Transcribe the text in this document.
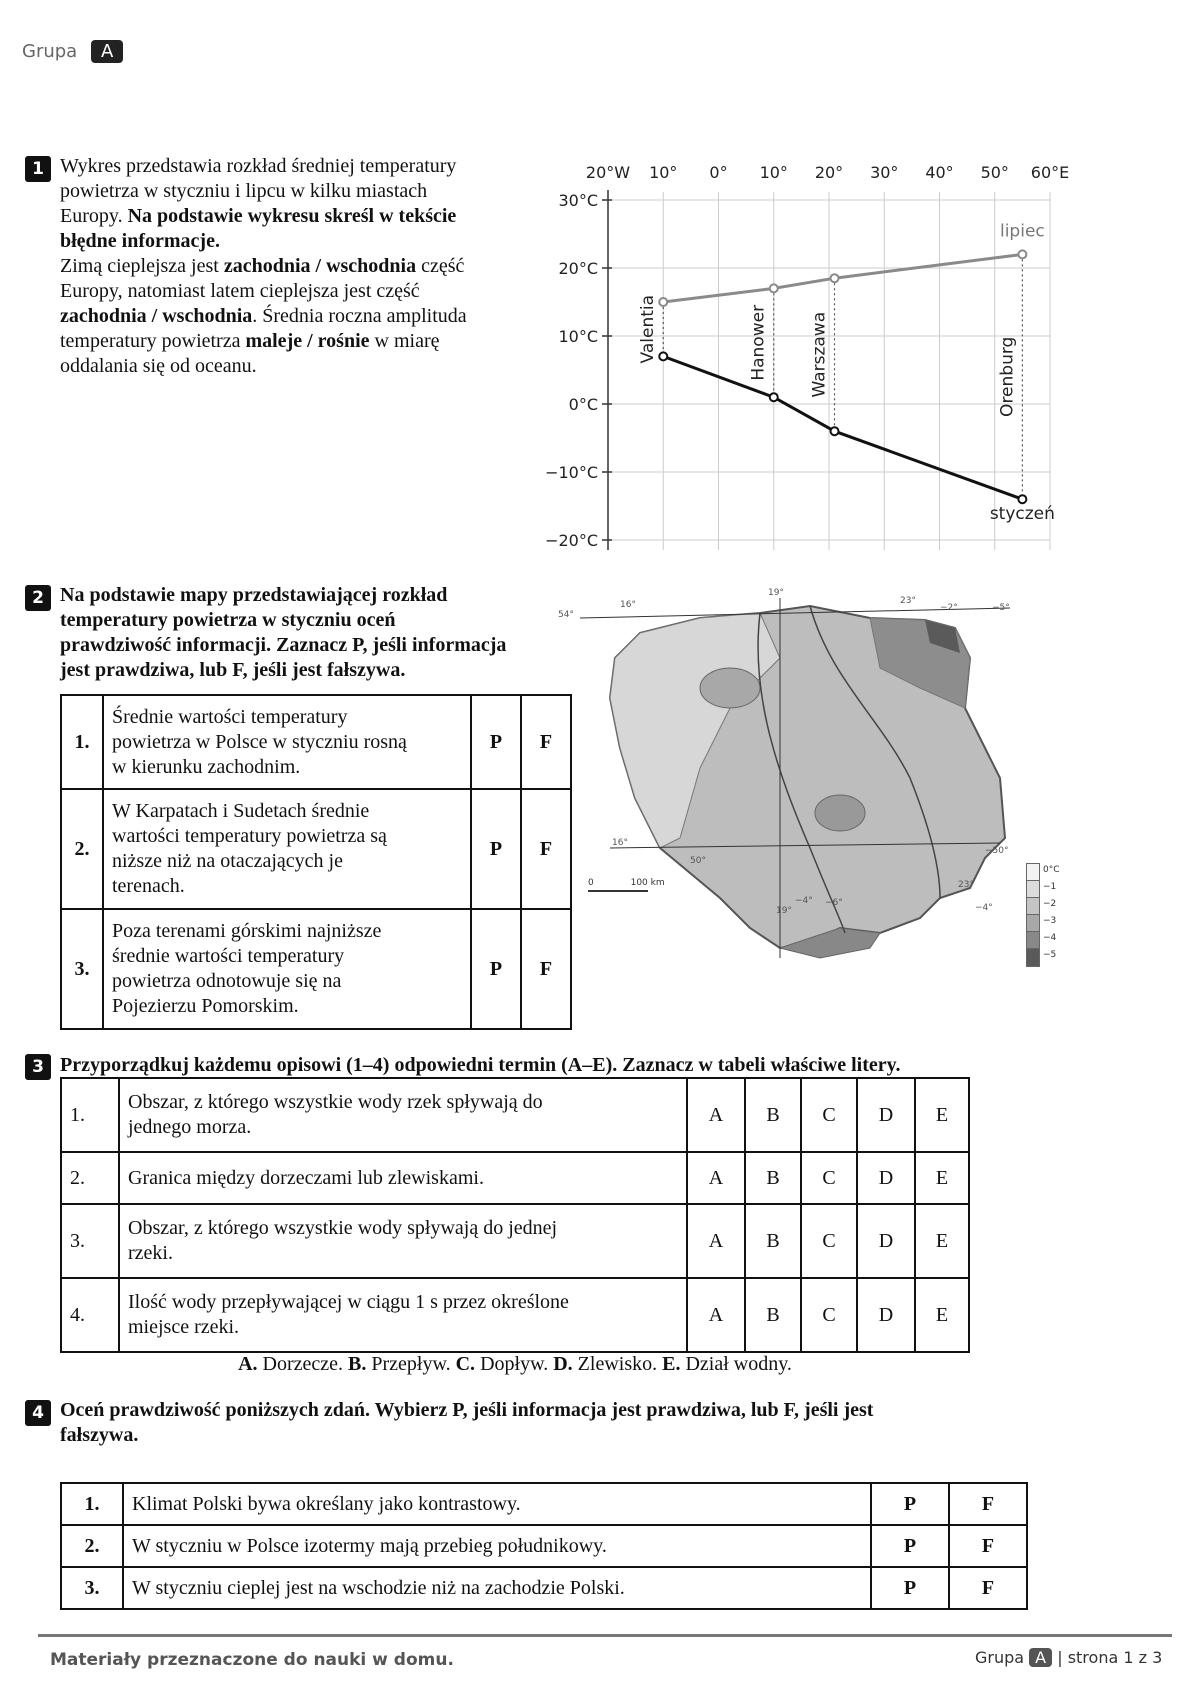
Grupa A
1 Wykres przedstawia rozkład średniej temperatury
powietrza w styczniu i lipcu w kilku miastach
Europy. Na podstawie wykresu skreśl w tekście
błędne informacje.
Zimą cieplejsza jest zachodnia / wschodnia część
Europy, natomiast latem cieplejsza jest część
zachodnia / wschodnia. Średnia roczna amplituda
temperatury powietrza maleje / rośnie w miarę
oddalania się od oceanu.
30°C
20°C
10°C
0°C
−10°C
−20°C
20°W 10° 0° 10° 20° 30° 40° 50° 60°E
lipiec
styczeń
Valentia	Hanower Warszawa	Orenburg
2 Na podstawie mapy przedstawiającej rozkład
temperatury powietrza w styczniu oceń
prawdziwość informacji. Zaznacz P, jeśli informacja
jest prawdziwa, lub F, jeśli jest fałszywa.
1.	Średnie wartości temperatury
powietrza w Polsce w styczniu rosną
w kierunku zachodnim.	P	F
2.	W Karpatach i Sudetach średnie
wartości temperatury powietrza są
niższe niż na otaczających je
terenach.	P	F
3.	Poza terenami górskimi najniższe
średnie wartości temperatury
powietrza odnotowuje się na
Pojezierzu Pomorskim.	P	F
19°
23°
16°
54°
−5°
16°
50°
−50°
23°
19°
−4°
−4°
−6°
−2°
0	100 km
0°C
−1
−2
−3
−4
−5
3 Przyporządkuj każdemu opisowi (1–4) odpowiedni termin (A–E). Zaznacz w tabeli właściwe litery.
1.	Obszar, z którego wszystkie wody rzek spływają do
jednego morza.	A	B	C	D	E
2.	Granica między dorzeczami lub zlewiskami.	A	B	C	D	E
3.	Obszar, z którego wszystkie wody spływają do jednej
rzeki.	A	B	C	D	E
4.	Ilość wody przepływającej w ciągu 1 s przez określone
miejsce rzeki.	A	B	C	D	E
A. Dorzecze. B. Przepływ. C. Dopływ. D. Zlewisko. E. Dział wodny.
4 Oceń prawdziwość poniższych zdań. Wybierz P, jeśli informacja jest prawdziwa, lub F, jeśli jest
fałszywa.
1.	Klimat Polski bywa określany jako kontrastowy.	P	F
2.	W styczniu w Polsce izotermy mają przebieg południkowy.	P	F
3.	W styczniu cieplej jest na wschodzie niż na zachodzie Polski.	P	F
Materiały przeznaczone do nauki w domu.	Grupa A | strona 1 z 3
